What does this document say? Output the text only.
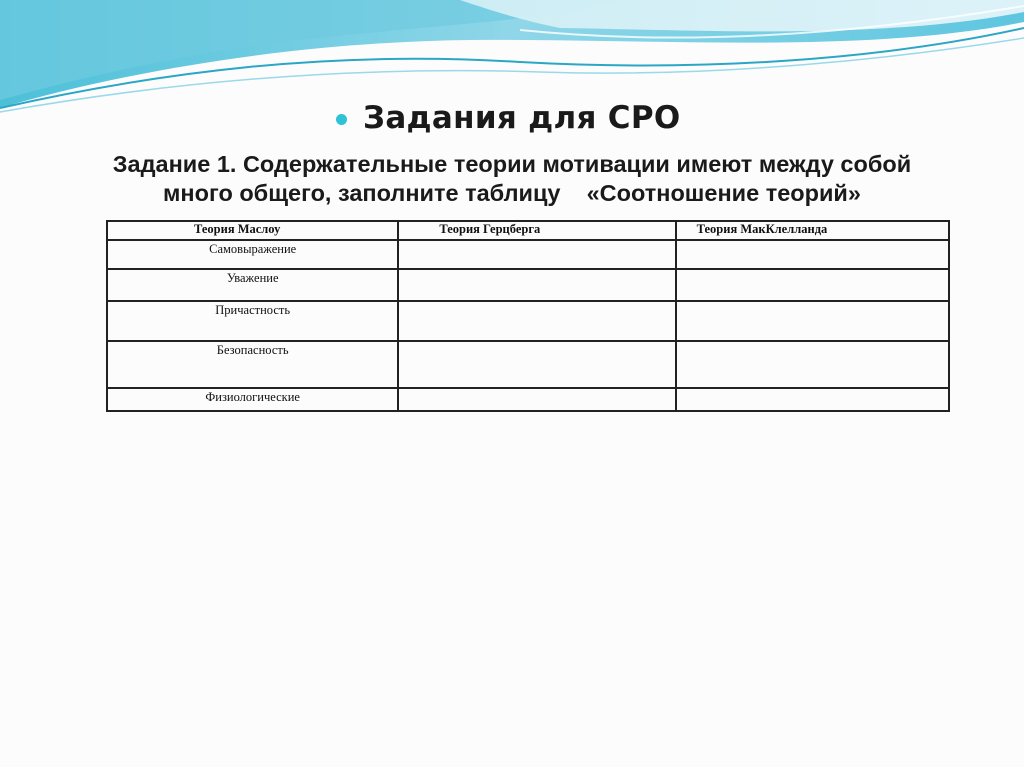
Задания для СРО
Задание 1. Содержательные теории мотивации имеют между собой
много общего, заполните таблицу    «Соотношение теорий»
Теория Маслоу	Теория Герцберга	Теория МакКлелланда
Самовыражение		
Уважение		
Причастность		
Безопасность		
Физиологические		
